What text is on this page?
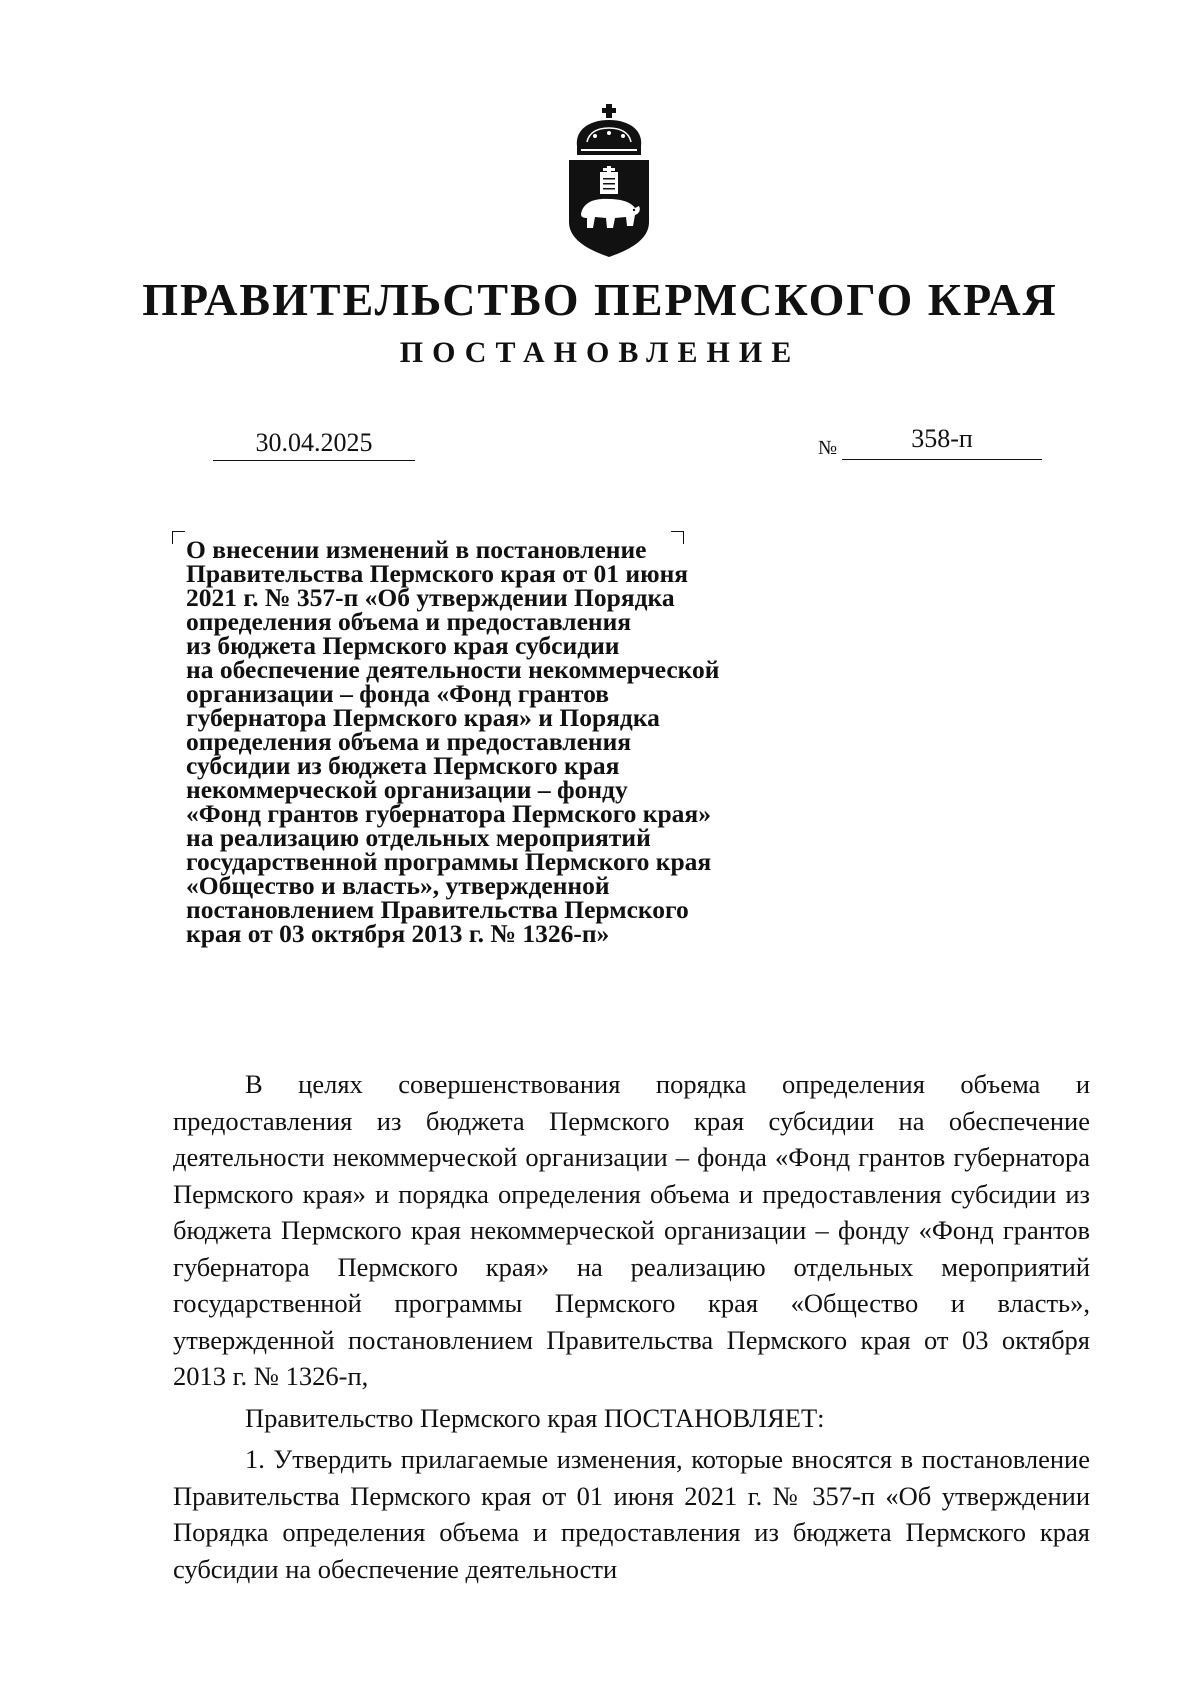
ПРАВИТЕЛЬСТВО ПЕРМСКОГО КРАЯ
ПОСТАНОВЛЕНИЕ
30.04.2025	№	358-п
О внесении изменений в постановление
Правительства Пермского края от 01 июня
2021 г. № 357-п «Об утверждении Порядка
определения объема и предоставления
из бюджета Пермского края субсидии
на обеспечение деятельности некоммерческой
организации – фонда «Фонд грантов
губернатора Пермского края» и Порядка
определения объема и предоставления
субсидии из бюджета Пермского края
некоммерческой организации – фонду
«Фонд грантов губернатора Пермского края»
на реализацию отдельных мероприятий
государственной программы Пермского края
«Общество и власть», утвержденной
постановлением Правительства Пермского
края от 03 октября 2013 г. № 1326-п»

В целях совершенствования порядка определения объема и предоставления из бюджета Пермского края субсидии на обеспечение деятельности некоммерческой организации – фонда «Фонд грантов губернатора Пермского края» и порядка определения объема и предоставления субсидии из бюджета Пермского края некоммерческой организации – фонду «Фонд грантов губернатора Пермского края» на реализацию отдельных мероприятий государственной программы Пермского края «Общество и власть», утвержденной постановлением Правительства Пермского края от 03 октября 2013 г. № 1326-п,

Правительство Пермского края ПОСТАНОВЛЯЕТ:

1. Утвердить прилагаемые изменения, которые вносятся в постановление Правительства Пермского края от 01 июня 2021 г. № 357-п «Об утверждении Порядка определения объема и предоставления из бюджета Пермского края субсидии на обеспечение деятельности
